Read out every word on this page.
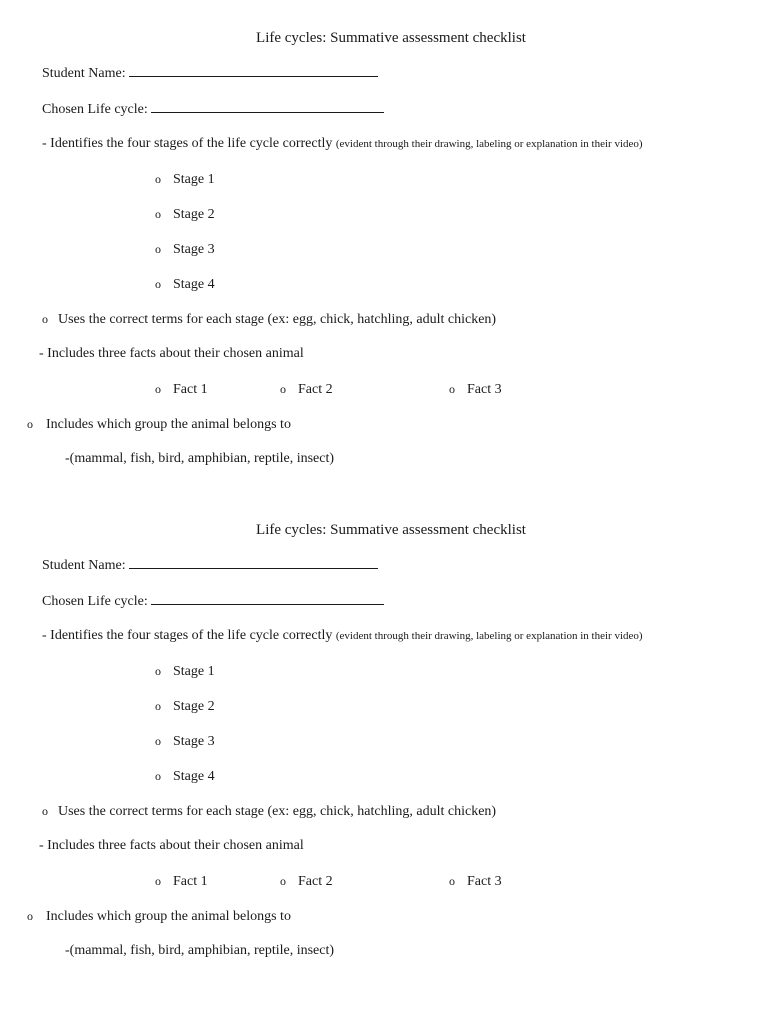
Life cycles: Summative assessment checklist
Student Name:
Chosen Life cycle:
- Identifies the four stages of the life cycle correctly (evident through their drawing, labeling or explanation in their video)
o Stage 1
o Stage 2
o Stage 3
o Stage 4
o Uses the correct terms for each stage (ex: egg, chick, hatchling, adult chicken)
- Includes three facts about their chosen animal
o Fact 1	o Fact 2	o Fact 3
o Includes which group the animal belongs to
-(mammal, fish, bird, amphibian, reptile, insect)
Life cycles: Summative assessment checklist
Student Name:
Chosen Life cycle:
- Identifies the four stages of the life cycle correctly (evident through their drawing, labeling or explanation in their video)
o Stage 1
o Stage 2
o Stage 3
o Stage 4
o Uses the correct terms for each stage (ex: egg, chick, hatchling, adult chicken)
- Includes three facts about their chosen animal
o Fact 1	o Fact 2	o Fact 3
o Includes which group the animal belongs to
-(mammal, fish, bird, amphibian, reptile, insect)
